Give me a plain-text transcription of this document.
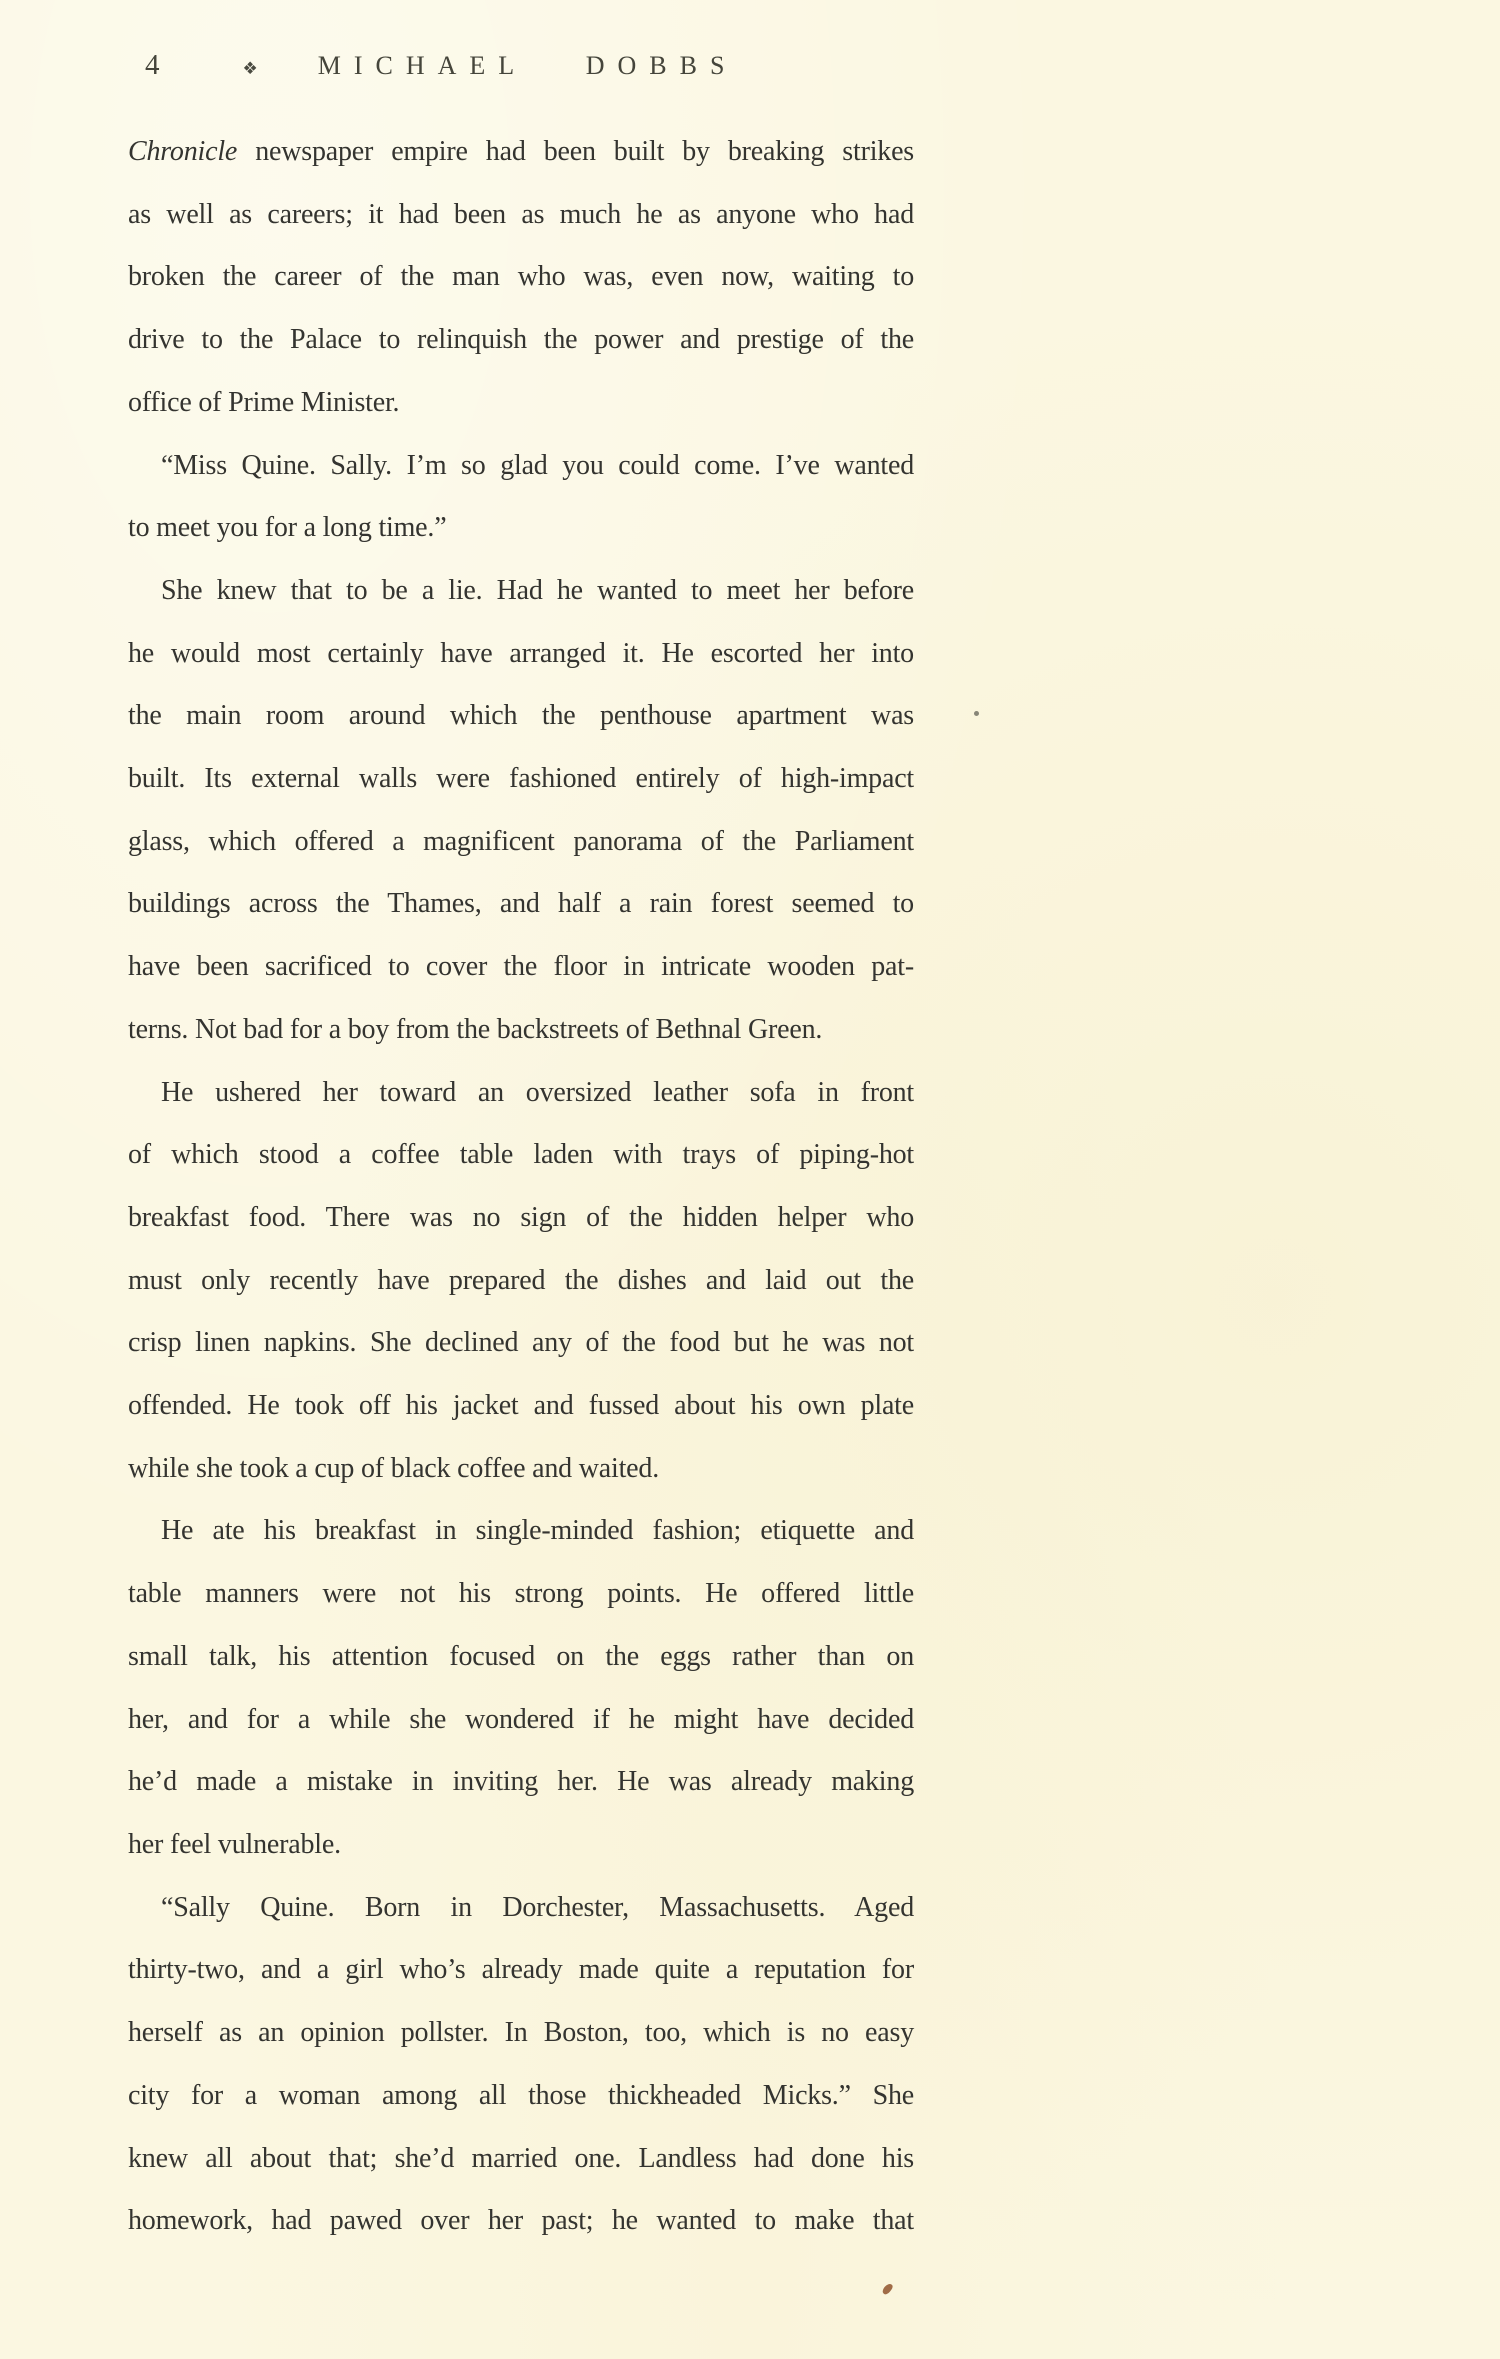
4	❖ MICHAEL DOBBS

Chronicle newspaper empire had been built by breaking strikes
as well as careers; it had been as much he as anyone who had
broken the career of the man who was, even now, waiting to
drive to the Palace to relinquish the power and prestige of the
office of Prime Minister.

“Miss Quine. Sally. I’m so glad you could come. I’ve wanted
to meet you for a long time.”

She knew that to be a lie. Had he wanted to meet her before
he would most certainly have arranged it. He escorted her into
the main room around which the penthouse apartment was
built. Its external walls were fashioned entirely of high-impact
glass, which offered a magnificent panorama of the Parliament
buildings across the Thames, and half a rain forest seemed to
have been sacrificed to cover the floor in intricate wooden pat-
terns. Not bad for a boy from the backstreets of Bethnal Green.

He ushered her toward an oversized leather sofa in front
of which stood a coffee table laden with trays of piping-hot
breakfast food. There was no sign of the hidden helper who
must only recently have prepared the dishes and laid out the
crisp linen napkins. She declined any of the food but he was not
offended. He took off his jacket and fussed about his own plate
while she took a cup of black coffee and waited.

He ate his breakfast in single-minded fashion; etiquette and
table manners were not his strong points. He offered little
small talk, his attention focused on the eggs rather than on
her, and for a while she wondered if he might have decided
he’d made a mistake in inviting her. He was already making
her feel vulnerable.

“Sally Quine. Born in Dorchester, Massachusetts. Aged
thirty-two, and a girl who’s already made quite a reputation for
herself as an opinion pollster. In Boston, too, which is no easy
city for a woman among all those thickheaded Micks.” She
knew all about that; she’d married one. Landless had done his
homework, had pawed over her past; he wanted to make that
